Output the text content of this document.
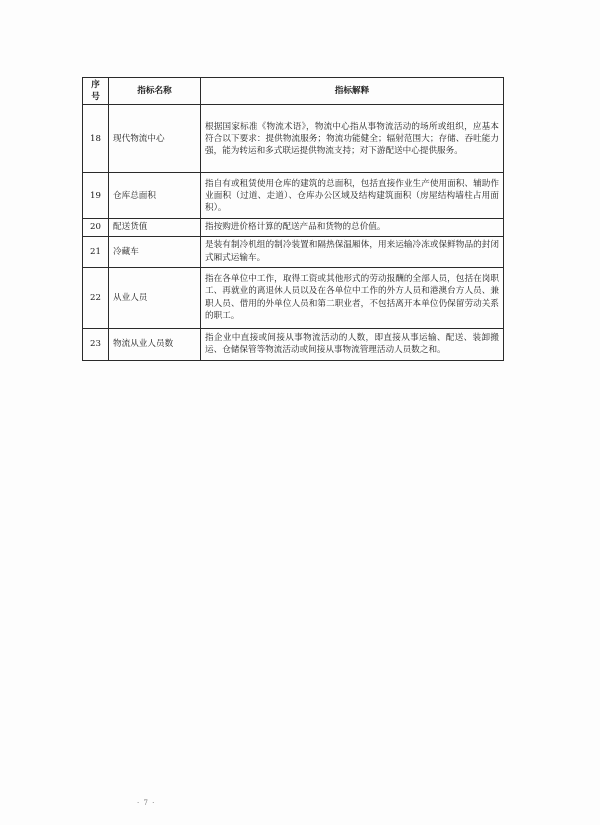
序号	指标名称	指标解释
18	现代物流中心	根据国家标准《物流术语》，物流中心指从事物流活动的场所或组织，应基本符合以下要求：提供物流服务；物流功能健全；辐射范围大；存储、吞吐能力强，能为转运和多式联运提供物流支持；对下游配送中心提供服务。
19	仓库总面积	指自有或租赁使用仓库的建筑的总面积，包括直接作业生产使用面积、辅助作业面积（过道、走道）、仓库办公区域及结构建筑面积（房屋结构墙柱占用面积）。
20	配送货值	指按购进价格计算的配送产品和货物的总价值。
21	冷藏车	是装有制冷机组的制冷装置和隔热保温厢体，用来运输冷冻或保鲜物品的封闭式厢式运输车。
22	从业人员	指在各单位中工作，取得工资或其他形式的劳动报酬的全部人员，包括在岗职工、再就业的离退休人员以及在各单位中工作的外方人员和港澳台方人员、兼职人员、借用的外单位人员和第二职业者，不包括离开本单位仍保留劳动关系的职工。
23	物流从业人员数	指企业中直接或间接从事物流活动的人数，即直接从事运输、配送、装卸搬运、仓储保管等物流活动或间接从事物流管理活动人员数之和。
· 7 ·
